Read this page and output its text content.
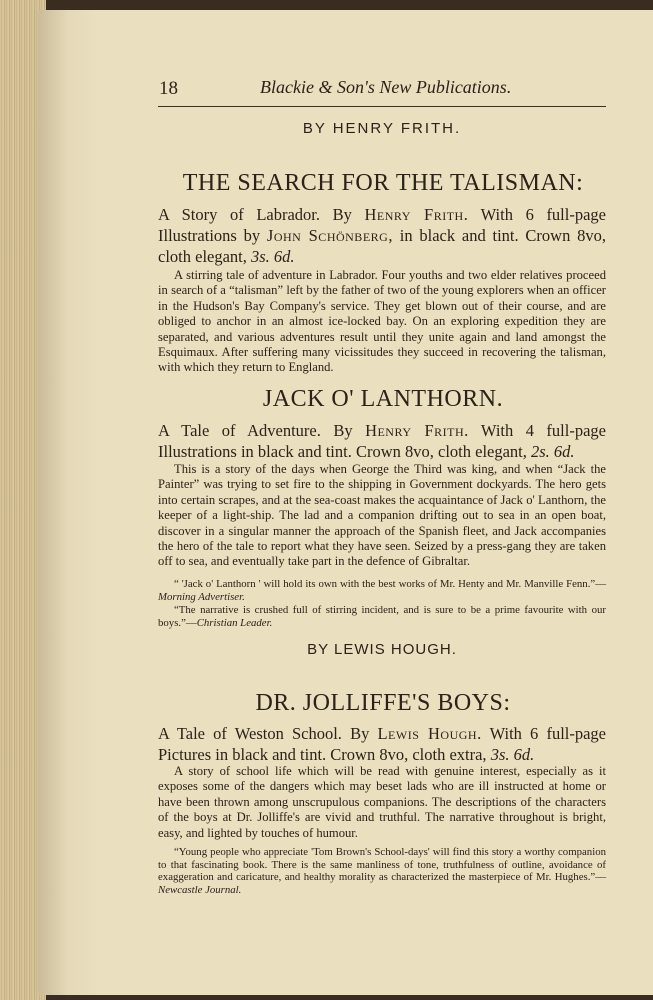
18	Blackie & Son's New Publications.
BY HENRY FRITH.
THE SEARCH FOR THE TALISMAN:
A Story of Labrador. By Henry Frith. With 6 full-page Illustrations by John Schönberg, in black and tint. Crown 8vo, cloth elegant, 3s. 6d.
A stirring tale of adventure in Labrador. Four youths and two elder relatives proceed in search of a “talisman” left by the father of two of the young explorers when an officer in the Hudson's Bay Company's service. They get blown out of their course, and are obliged to anchor in an almost ice-locked bay. On an exploring expedition they are separated, and various adventures result until they unite again and land amongst the Esquimaux. After suffering many vicissitudes they succeed in recovering the talisman, with which they return to England.
JACK O' LANTHORN.
A Tale of Adventure. By Henry Frith. With 4 full-page Illustrations in black and tint. Crown 8vo, cloth elegant, 2s. 6d.
This is a story of the days when George the Third was king, and when “Jack the Painter” was trying to set fire to the shipping in Government dockyards. The hero gets into certain scrapes, and at the sea-coast makes the acquaintance of Jack o' Lanthorn, the keeper of a light-ship. The lad and a companion drifting out to sea in an open boat, discover in a singular manner the approach of the Spanish fleet, and Jack accompanies the hero of the tale to report what they have seen. Seized by a press-gang they are taken off to sea, and eventually take part in the defence of Gibraltar.
“ 'Jack o' Lanthorn ' will hold its own with the best works of Mr. Henty and Mr. Manville Fenn.”—Morning Advertiser.
“The narrative is crushed full of stirring incident, and is sure to be a prime favourite with our boys.”—Christian Leader.
BY LEWIS HOUGH.
DR. JOLLIFFE'S BOYS:
A Tale of Weston School. By Lewis Hough. With 6 full-page Pictures in black and tint. Crown 8vo, cloth extra, 3s. 6d.
A story of school life which will be read with genuine interest, especially as it exposes some of the dangers which may beset lads who are ill instructed at home or have been thrown among unscrupulous companions. The descriptions of the characters of the boys at Dr. Jolliffe's are vivid and truthful. The narrative throughout is bright, easy, and lighted by touches of humour.
“Young people who appreciate 'Tom Brown's School-days' will find this story a worthy companion to that fascinating book. There is the same manliness of tone, truthfulness of outline, avoidance of exaggeration and caricature, and healthy morality as characterized the masterpiece of Mr. Hughes.”—Newcastle Journal.
